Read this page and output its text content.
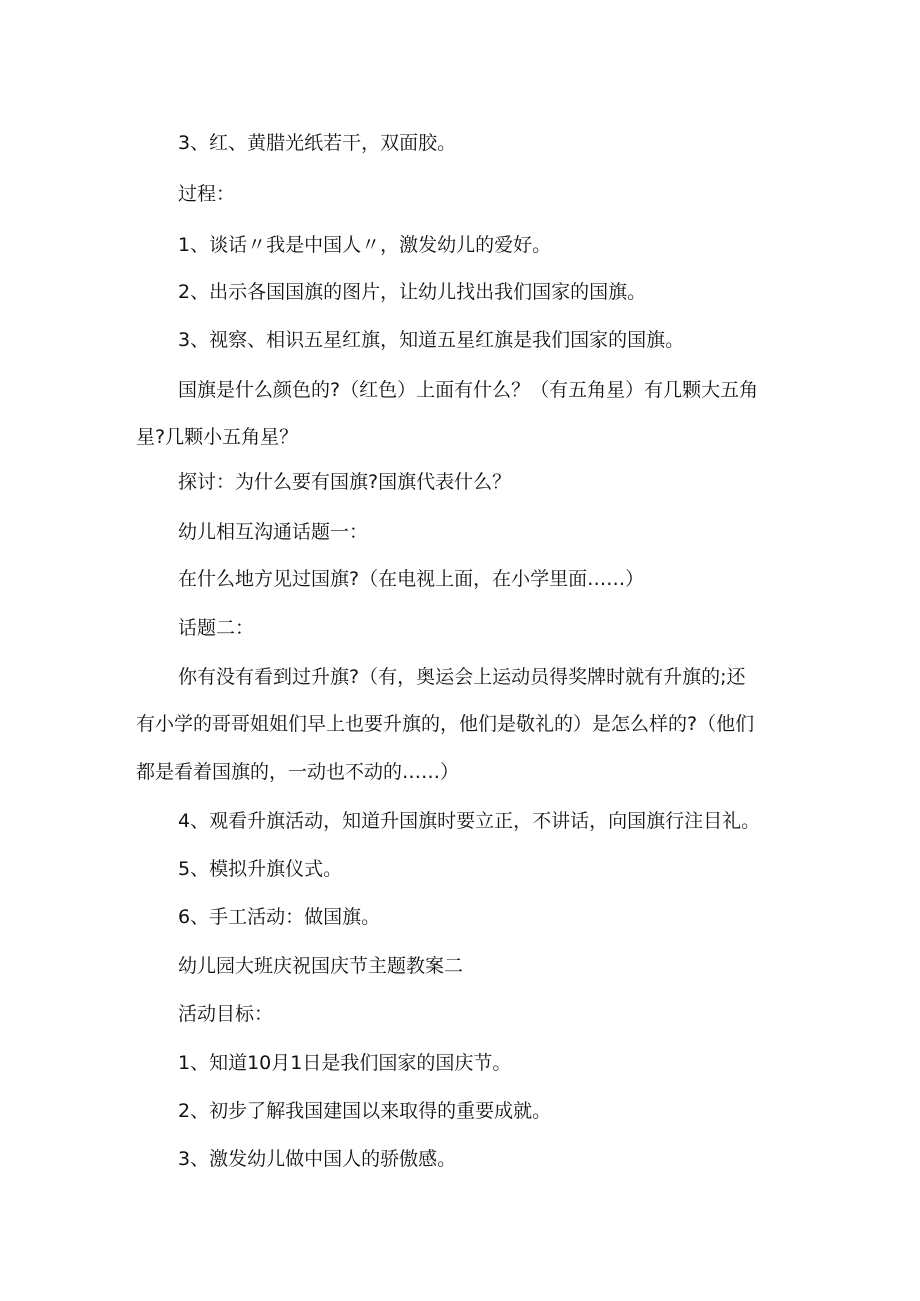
3、红、黄腊光纸若干，双面胶。

过程：

1、谈话〃我是中国人〃，激发幼儿的爱好。

2、出示各国国旗的图片，让幼儿找出我们国家的国旗。

3、视察、相识五星红旗，知道五星红旗是我们国家的国旗。

国旗是什么颜色的?（红色）上面有什么？（有五角星）有几颗大五角

星?几颗小五角星？

探讨：为什么要有国旗?国旗代表什么？

幼儿相互沟通话题一：

在什么地方见过国旗?（在电视上面，在小学里面……）

话题二：

你有没有看到过升旗?（有，奥运会上运动员得奖牌时就有升旗的;还

有小学的哥哥姐姐们早上也要升旗的，他们是敬礼的）是怎么样的?（他们

都是看着国旗的，一动也不动的……）

4、观看升旗活动，知道升国旗时要立正，不讲话，向国旗行注目礼。

5、模拟升旗仪式。

6、手工活动：做国旗。

幼儿园大班庆祝国庆节主题教案二

活动目标：

1、知道10月1日是我们国家的国庆节。

2、初步了解我国建国以来取得的重要成就。

3、激发幼儿做中国人的骄傲感。
